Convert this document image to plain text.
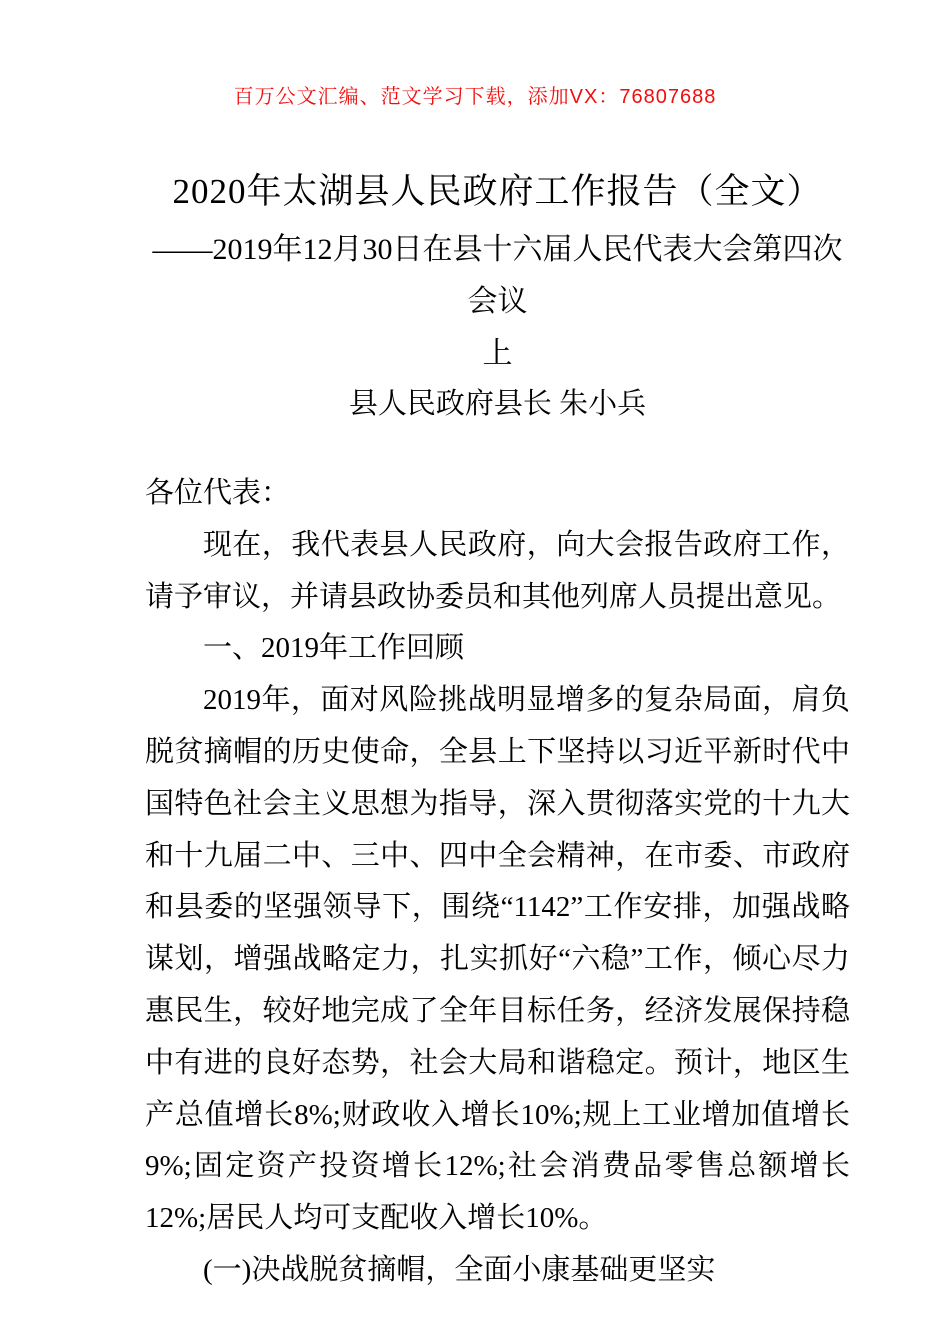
百万公文汇编、范文学习下载，添加VX：76807688
2020年太湖县人民政府工作报告（全文）
——2019年12月30日在县十六届人民代表大会第四次会议
上
县人民政府县长 朱小兵

各位代表：

现在，我代表县人民政府，向大会报告政府工作，请予审议，并请县政协委员和其他列席人员提出意见。

一、2019年工作回顾

2019年，面对风险挑战明显增多的复杂局面，肩负脱贫摘帽的历史使命，全县上下坚持以习近平新时代中国特色社会主义思想为指导，深入贯彻落实党的十九大和十九届二中、三中、四中全会精神，在市委、市政府和县委的坚强领导下，围绕“1142”工作安排，加强战略谋划，增强战略定力，扎实抓好“六稳”工作，倾心尽力惠民生，较好地完成了全年目标任务，经济发展保持稳中有进的良好态势，社会大局和谐稳定。预计，地区生产总值增长8%;财政收入增长10%;规上工业增加值增长9%;固定资产投资增长12%;社会消费品零售总额增长12%;居民人均可支配收入增长10%。

(一)决战脱贫摘帽，全面小康基础更坚实
